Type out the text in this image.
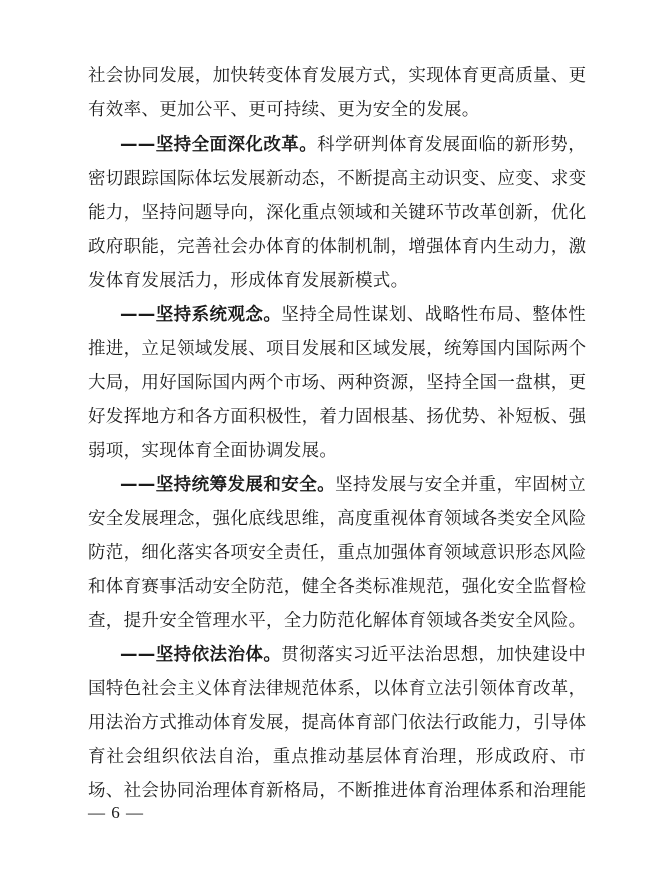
社会协同发展，加快转变体育发展方式，实现体育更高质量、更
有效率、更加公平、更可持续、更为安全的发展。
——坚持全面深化改革。科学研判体育发展面临的新形势，
密切跟踪国际体坛发展新动态，不断提高主动识变、应变、求变
能力，坚持问题导向，深化重点领域和关键环节改革创新，优化
政府职能，完善社会办体育的体制机制，增强体育内生动力，激
发体育发展活力，形成体育发展新模式。
——坚持系统观念。坚持全局性谋划、战略性布局、整体性
推进，立足领域发展、项目发展和区域发展，统筹国内国际两个
大局，用好国际国内两个市场、两种资源，坚持全国一盘棋，更
好发挥地方和各方面积极性，着力固根基、扬优势、补短板、强
弱项，实现体育全面协调发展。
——坚持统筹发展和安全。坚持发展与安全并重，牢固树立
安全发展理念，强化底线思维，高度重视体育领域各类安全风险
防范，细化落实各项安全责任，重点加强体育领域意识形态风险
和体育赛事活动安全防范，健全各类标准规范，强化安全监督检
查，提升安全管理水平，全力防范化解体育领域各类安全风险。
——坚持依法治体。贯彻落实习近平法治思想，加快建设中
国特色社会主义体育法律规范体系，以体育立法引领体育改革，
用法治方式推动体育发展，提高体育部门依法行政能力，引导体
育社会组织依法自治，重点推动基层体育治理，形成政府、市
场、社会协同治理体育新格局，不断推进体育治理体系和治理能
— 6 —
